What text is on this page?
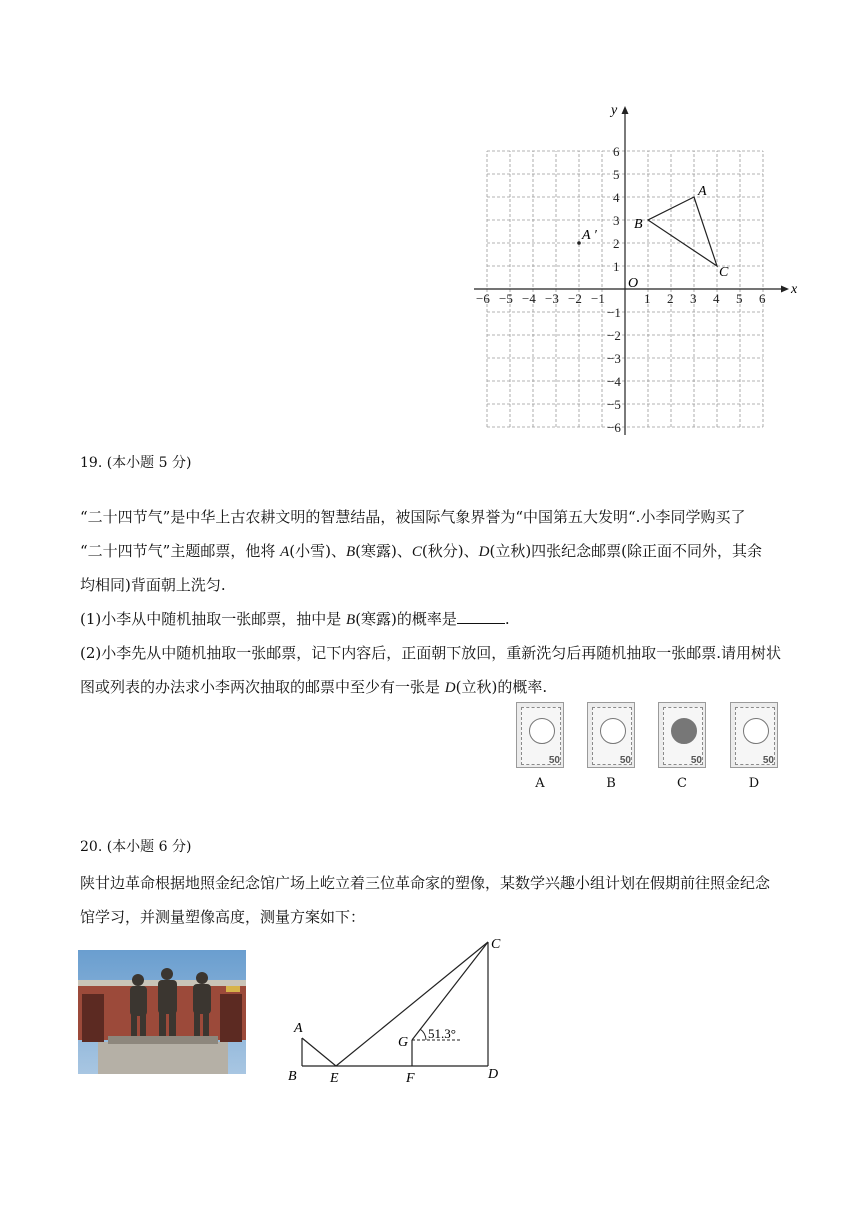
−6 −5 −4 −3 −2 −1	1 2 3 4 5 6
6
5
4
3
2
1
−1
−2
−3
−4
−5
−6
A
B
C
A ′
x
y
O
19. (本小题 5 分)
“二十四节气”是中华上古农耕文明的智慧结晶，被国际气象界誉为“中国第五大发明“.小李同学购买了
“二十四节气”主题邮票，他将 A(小雪)、B(寒露)、C(秋分)、D(立秋)四张纪念邮票(除正面不同外，其余
均相同)背面朝上洗匀.
(1)小李从中随机抽取一张邮票，抽中是 B(寒露)的概率是	.
(2)小李先从中随机抽取一张邮票，记下内容后，正面朝下放回，重新洗匀后再随机抽取一张邮票.请用树状
图或列表的办法求小李两次抽取的邮票中至少有一张是 D(立秋)的概率.
50	50	50	50
A	B	C	D
20. (本小题 6 分)
陕甘边革命根据地照金纪念馆广场上屹立着三位革命家的塑像，某数学兴趣小组计划在假期前往照金纪念
馆学习，并测量塑像高度，测量方案如下：
A
B
C
D
E	F
G
51.3°
